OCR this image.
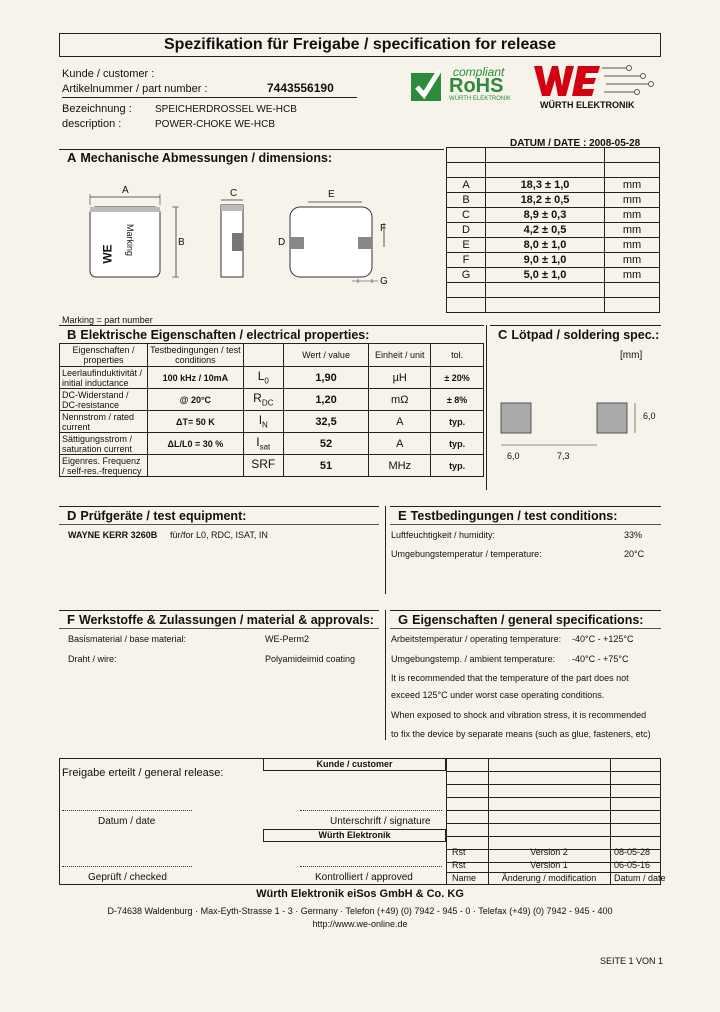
Spezifikation für Freigabe / specification for release
Kunde / customer :
Artikelnummer / part number :	7443556190
Bezeichnung : SPEICHERDROSSEL WE-HCB
description :	POWER-CHOKE WE-HCB
compliant
RoHS
WÜRTH ELEKTRONIK
WÜRTH ELEKTRONIK
DATUM / DATE : 2008-05-28
A Mechanische Abmessungen / dimensions:
A
B
C
D
E
F
G
WE Marking
Marking = part number

A	18,3 ± 1,0	mm
B	18,2 ± 0,5	mm
C	8,9 ± 0,3	mm
D	4,2 ± 0,5	mm
E	8,0 ± 1,0	mm
F	9,0 ± 1,0	mm
G	5,0 ± 1,0	mm

B Elektrische Eigenschaften / electrical properties:
Eigenschaften / properties	Testbedingungen / test conditions		Wert / value	Einheit / unit	tol.
Leerlaufinduktivität / initial inductance	100 kHz / 10mA	$L_0$	1,90	µH	± 20%
DC-Widerstand / DC-resistance	@ 20°C	$R_{DC}$	1,20	mΩ	± 8%
Nennstrom / rated current	ΔT= 50 K	$I_N$	32,5	A	typ.
Sättigungsstrom / saturation current	ΔL/L0 = 30 %	$I_{sat}$	52	A	typ.
Eigenres. Frequenz / self-res.-frequency		SRF	51	MHz	typ.
C Lötpad / soldering spec.:
[mm]
6,0
6,0	7,3
D Prüfgeräte / test equipment:
WAYNE KERR 3260B für/for L0, RDC, ISAT, IN
E Testbedingungen / test conditions:
Luftfeuchtigkeit / humidity:	33%
Umgebungstemperatur / temperature:	20°C
F Werkstoffe & Zulassungen / material & approvals:
Basismaterial / base material:	WE-Perm2
Draht / wire:	Polyamideimid coating
G Eigenschaften / general specifications:
Arbeitstemperatur / operating temperature: -40°C - +125°C
Umgebungstemp. / ambient temperature: -40°C - +75°C
It is recommended that the temperature of the part does not
exceed 125°C under worst case operating conditions.
When exposed to shock and vibration stress, it is recommended
to fix the device by separate means (such as glue, fasteners, etc)
Freigabe erteilt / general release:
Kunde / customer
Datum / date	Unterschrift / signature
Würth Elektronik
Geprüft / checked	Kontrolliert / approved
Rst	Version 2	08-05-28
Rst	Version 1	06-05-16
Name	Änderung / modification	Datum / date
Würth Elektronik eiSos GmbH & Co. KG
D-74638 Waldenburg · Max-Eyth-Strasse 1 - 3 · Germany · Telefon (+49) (0) 7942 - 945 - 0 · Telefax (+49) (0) 7942 - 945 - 400
http://www.we-online.de
SEITE 1 VON 1
